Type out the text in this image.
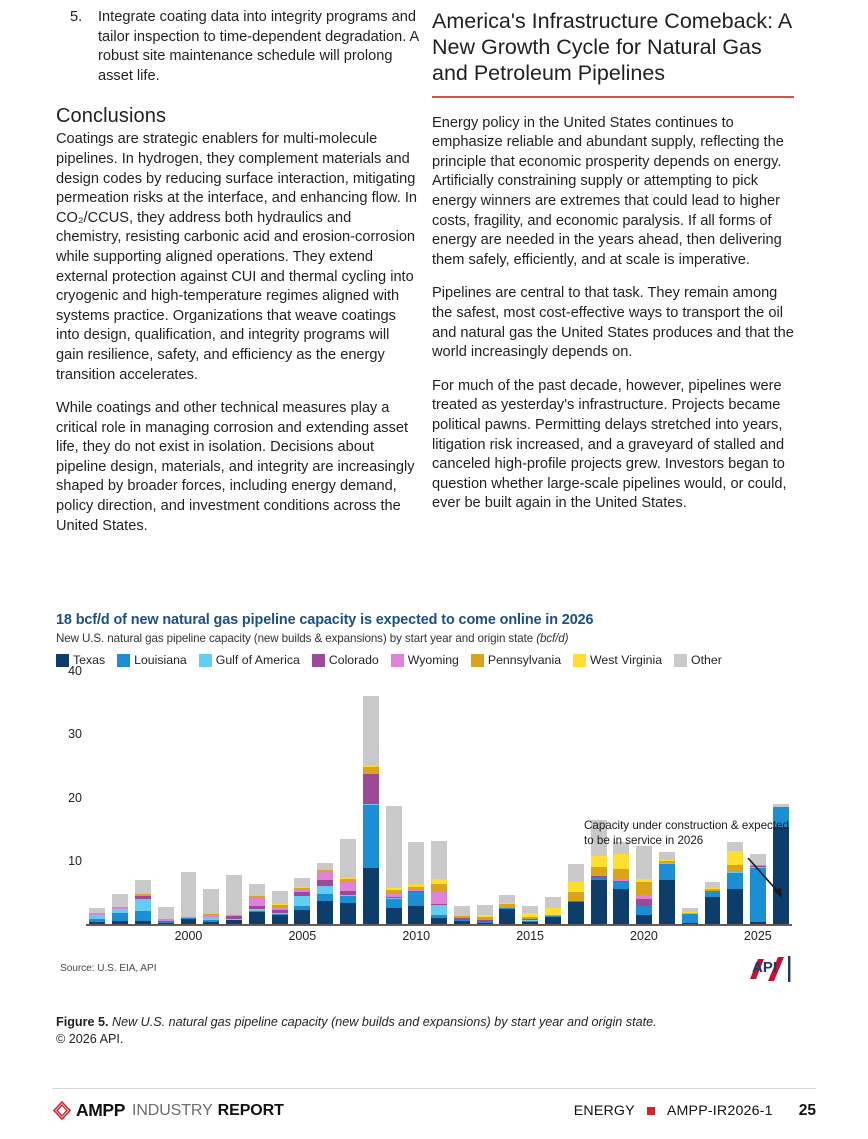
5. Integrate coating data into integrity programs and tailor inspection to time-dependent degradation. A robust site maintenance schedule will prolong asset life.
Conclusions

Coatings are strategic enablers for multi-molecule pipelines. In hydrogen, they complement materials and design codes by reducing surface interaction, mitigating permeation risks at the interface, and enhancing flow. In CO₂/CCUS, they address both hydraulics and chemistry, resisting carbonic acid and erosion-corrosion while supporting aligned operations. They extend external protection against CUI and thermal cycling into cryogenic and high-temperature regimes aligned with systems practice. Organizations that weave coatings into design, qualification, and integrity programs will gain resilience, safety, and efficiency as the energy transition accelerates.

While coatings and other technical measures play a critical role in managing corrosion and extending asset life, they do not exist in isolation. Decisions about pipeline design, materials, and integrity are increasingly shaped by broader forces, including energy demand, policy direction, and investment conditions across the United States.

America's Infrastructure Comeback: A New Growth Cycle for Natural Gas and Petroleum Pipelines

Energy policy in the United States continues to emphasize reliable and abundant supply, reflecting the principle that economic prosperity depends on energy. Artificially constraining supply or attempting to pick energy winners are extremes that could lead to higher costs, fragility, and economic paralysis. If all forms of energy are needed in the years ahead, then delivering them safely, efficiently, and at scale is imperative.

Pipelines are central to that task. They remain among the safest, most cost-effective ways to transport the oil and natural gas the United States produces and that the world increasingly depends on.

For much of the past decade, however, pipelines were treated as yesterday's infrastructure. Projects became political pawns. Permitting delays stretched into years, litigation risk increased, and a graveyard of stalled and canceled high-profile projects grew. Investors began to question whether large-scale pipelines would, or could, ever be built again in the United States.

18 bcf/d of new natural gas pipeline capacity is expected to come online in 2026
New U.S. natural gas pipeline capacity (new builds & expansions) by start year and origin state (bcf/d)
Texas Louisiana Gulf of America Colorado Wyoming Pennsylvania West Virginia Other
10
20
30
40
2000	2005	2010	2015	2020	2025
Capacity under construction & expected to be in service in 2026
Source: U.S. EIA, API	API
Figure 5. New U.S. natural gas pipeline capacity (new builds and expansions) by start year and origin state.
© 2026 API.
AMPP INDUSTRY REPORT	ENERGY AMPP-IR2026-1 25
